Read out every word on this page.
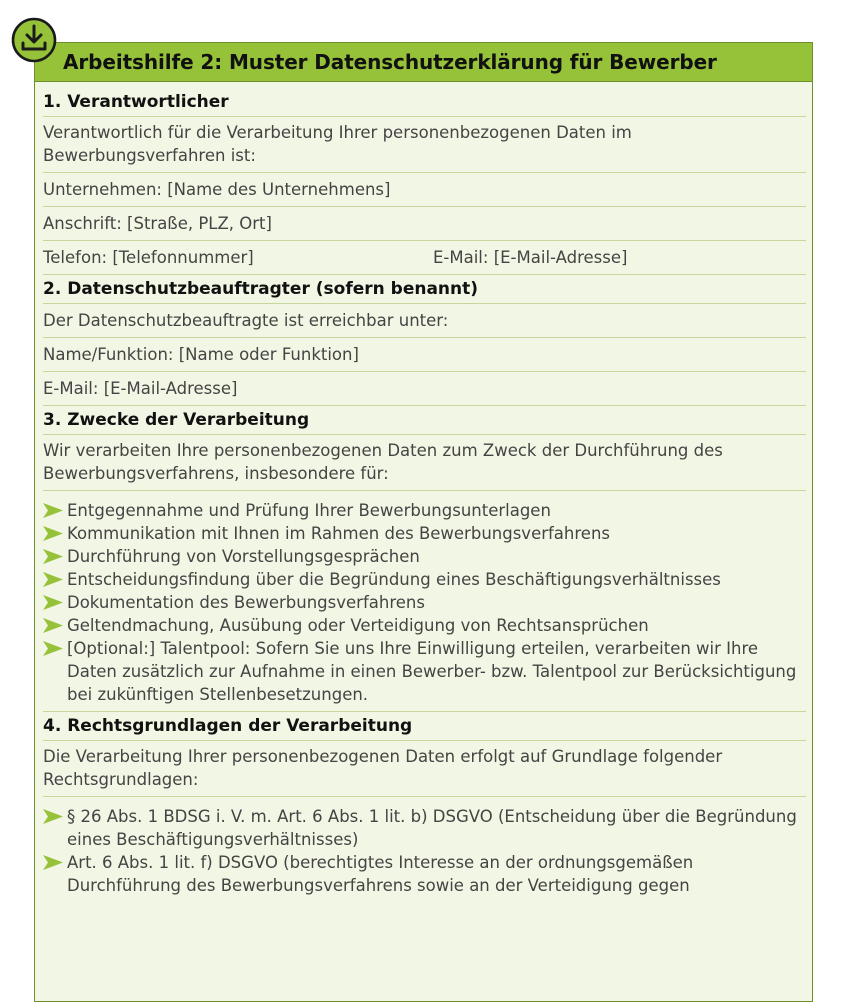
Arbeitshilfe 2: Muster Datenschutzerklärung für Bewerber
1. Verantwortlicher
Verantwortlich für die Verarbeitung Ihrer personenbezogenen Daten im Bewerbungsverfahren ist:
Unternehmen: [Name des Unternehmens]
Anschrift: [Straße, PLZ, Ort]
Telefon: [Telefonnummer]	E-Mail: [E-Mail-Adresse]
2. Datenschutzbeauftragter (sofern benannt)
Der Datenschutzbeauftragte ist erreichbar unter:
Name/Funktion: [Name oder Funktion]
E-Mail: [E-Mail-Adresse]
3. Zwecke der Verarbeitung
Wir verarbeiten Ihre personenbezogenen Daten zum Zweck der Durchführung des Bewerbungsverfahrens, insbesondere für:
Entgegennahme und Prüfung Ihrer Bewerbungsunterlagen
Kommunikation mit Ihnen im Rahmen des Bewerbungsverfahrens
Durchführung von Vorstellungsgesprächen
Entscheidungsfindung über die Begründung eines Beschäftigungsverhältnisses
Dokumentation des Bewerbungsverfahrens
Geltendmachung, Ausübung oder Verteidigung von Rechtsansprüchen
[Optional:] Talentpool: Sofern Sie uns Ihre Einwilligung erteilen, verarbeiten wir Ihre Daten zusätzlich zur Aufnahme in einen Bewerber- bzw. Talentpool zur Berücksichtigung bei zukünftigen Stellenbesetzungen.
4. Rechtsgrundlagen der Verarbeitung
Die Verarbeitung Ihrer personenbezogenen Daten erfolgt auf Grundlage folgender Rechtsgrundlagen:
§ 26 Abs. 1 BDSG i. V. m. Art. 6 Abs. 1 lit. b) DSGVO (Entscheidung über die Begründung eines Beschäftigungsverhältnisses)
Art. 6 Abs. 1 lit. f) DSGVO (berechtigtes Interesse an der ordnungsgemäßen Durchführung des Bewerbungsverfahrens sowie an der Verteidigung gegen
